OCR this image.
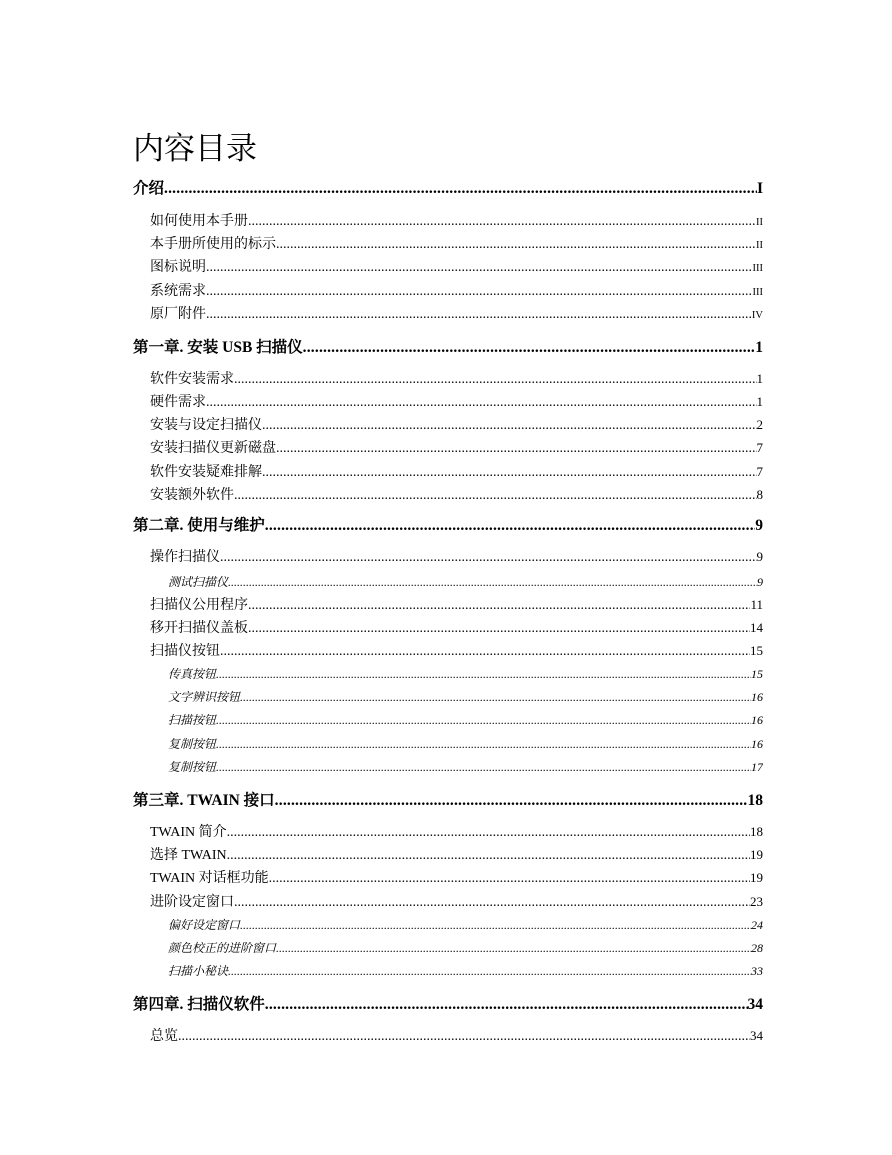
内容目录
介绍 .....	I
如何使用本手册 .....	II
本手册所使用的标示 .....	II
图标说明 .....	III
系统需求 .....	III
原厂附件 .....	IV
第一章. 安装 USB 扫描仪 .....	1
软件安装需求 .....	1
硬件需求 .....	1
安装与设定扫描仪 .....	2
安装扫描仪更新磁盘 .....	7
软件安装疑难排解 .....	7
安装额外软件 .....	8
第二章. 使用与维护 .....	9
操作扫描仪 .....	9
测试扫描仪 .....	9
扫描仪公用程序 .....	11
移开扫描仪盖板 .....	14
扫描仪按钮 .....	15
传真按钮 .....	15
文字辨识按钮 .....	16
扫描按钮 .....	16
复制按钮 .....	16
复制按钮 .....	17
第三章. TWAIN 接口 .....	18
TWAIN 简介 .....	18
选择 TWAIN .....	19
TWAIN 对话框功能 .....	19
进阶设定窗口 .....	23
偏好设定窗口 .....	24
颜色校正的进阶窗口 .....	28
扫描小秘诀 .....	33
第四章. 扫描仪软件 .....	34
总览 .....	34
